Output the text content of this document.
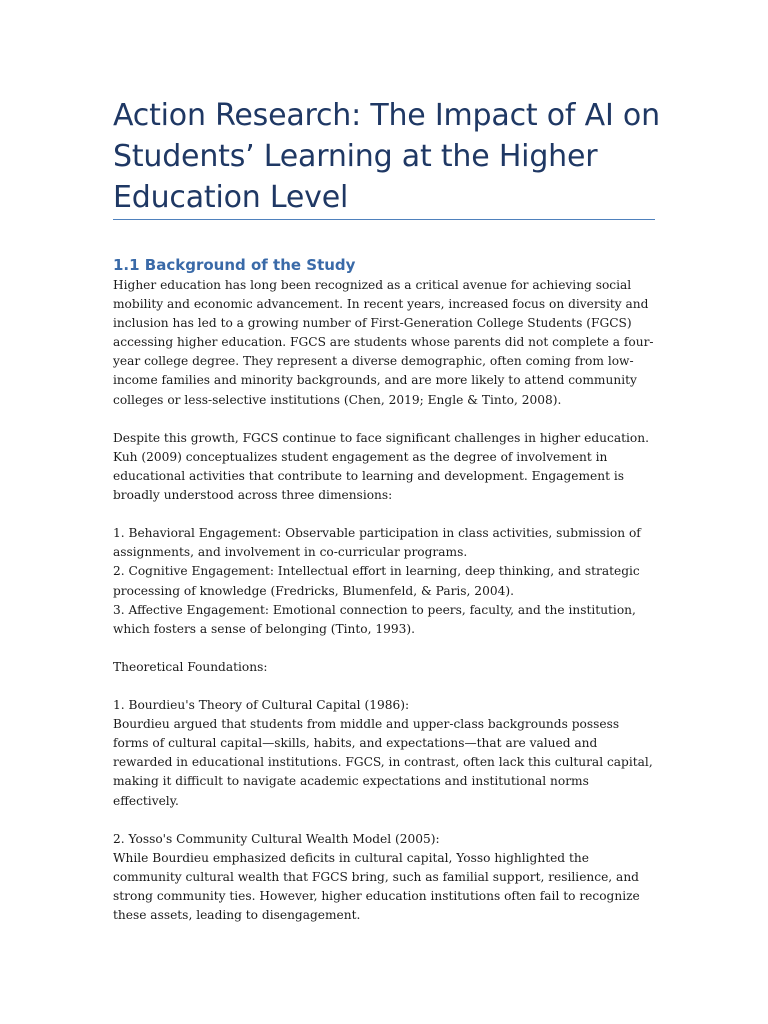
Action Research: The Impact of AI on Students’ Learning at the Higher Education Level
1.1 Background of the Study

Higher education has long been recognized as a critical avenue for achieving social mobility and economic advancement. In recent years, increased focus on diversity and inclusion has led to a growing number of First-Generation College Students (FGCS) accessing higher education. FGCS are students whose parents did not complete a four-year college degree. They represent a diverse demographic, often coming from low-income families and minority backgrounds, and are more likely to attend community colleges or less-selective institutions (Chen, 2019; Engle & Tinto, 2008).

Despite this growth, FGCS continue to face significant challenges in higher education. Kuh (2009) conceptualizes student engagement as the degree of involvement in educational activities that contribute to learning and development. Engagement is broadly understood across three dimensions:

1. Behavioral Engagement: Observable participation in class activities, submission of assignments, and involvement in co-curricular programs.

2. Cognitive Engagement: Intellectual effort in learning, deep thinking, and strategic processing of knowledge (Fredricks, Blumenfeld, & Paris, 2004).

3. Affective Engagement: Emotional connection to peers, faculty, and the institution, which fosters a sense of belonging (Tinto, 1993).

Theoretical Foundations:

1. Bourdieu's Theory of Cultural Capital (1986):

Bourdieu argued that students from middle and upper-class backgrounds possess forms of cultural capital—skills, habits, and expectations—that are valued and rewarded in educational institutions. FGCS, in contrast, often lack this cultural capital, making it difficult to navigate academic expectations and institutional norms effectively.

2. Yosso's Community Cultural Wealth Model (2005):

While Bourdieu emphasized deficits in cultural capital, Yosso highlighted the community cultural wealth that FGCS bring, such as familial support, resilience, and strong community ties. However, higher education institutions often fail to recognize these assets, leading to disengagement.
